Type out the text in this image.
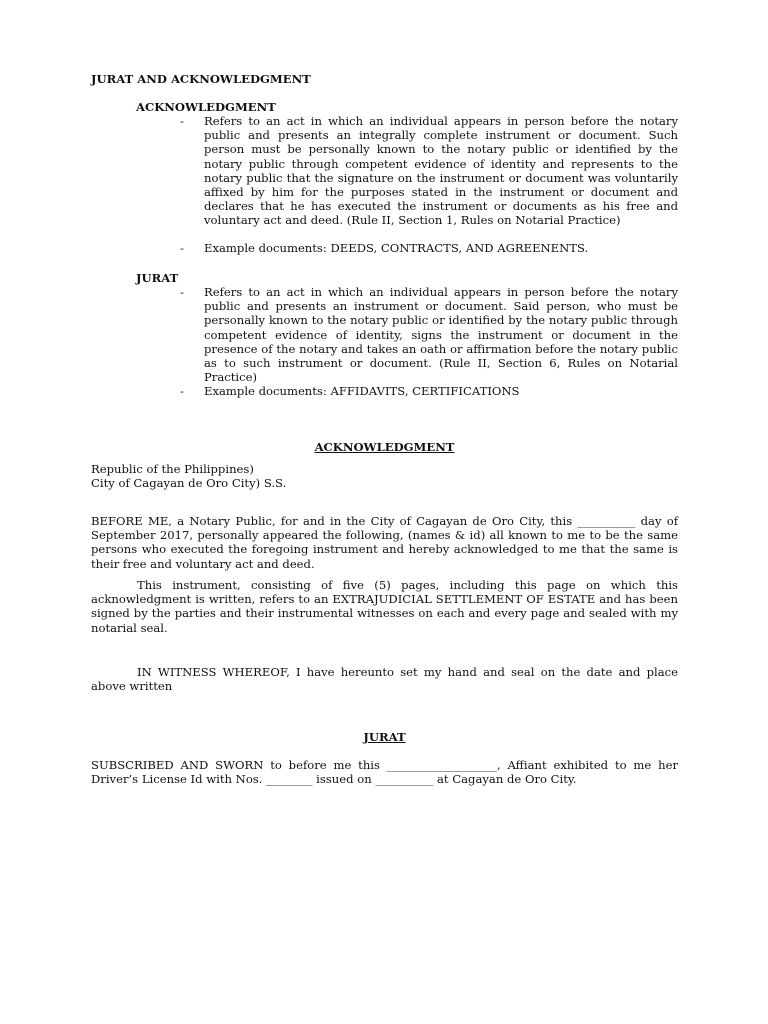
JURAT AND ACKNOWLEDGMENT
ACKNOWLEDGMENT
-	Refers to an act in which an individual appears in person before the notary public and presents an integrally complete instrument or document. Such person must be personally known to the notary public or identified by the notary public through competent evidence of identity and represents to the notary public that the signature on the instrument or document was voluntarily affixed by him for the purposes stated in the instrument or document and declares that he has executed the instrument or documents as his free and voluntary act and deed. (Rule II, Section 1, Rules on Notarial Practice)
-	Example documents: DEEDS, CONTRACTS, AND AGREENENTS.
JURAT
-	Refers to an act in which an individual appears in person before the notary public and presents an instrument or document. Said person, who must be personally known to the notary public or identified by the notary public through competent evidence of identity, signs the instrument or document in the presence of the notary and takes an oath or affirmation before the notary public as to such instrument or document. (Rule II, Section 6, Rules on Notarial Practice)
-	Example documents: AFFIDAVITS, CERTIFICATIONS
ACKNOWLEDGMENT
Republic of the Philippines)
City of Cagayan de Oro City) S.S.

BEFORE ME, a Notary Public, for and in the City of Cagayan de Oro City, this __________ day of September 2017, personally appeared the following, (names & id) all known to me to be the same persons who executed the foregoing instrument and hereby acknowledged to me that the same is their free and voluntary act and deed.

This instrument, consisting of five (5) pages, including this page on which this acknowledgment is written, refers to an EXTRAJUDICIAL SETTLEMENT OF ESTATE and has been signed by the parties and their instrumental witnesses on each and every page and sealed with my notarial seal.

IN WITNESS WHEREOF, I have hereunto set my hand and seal on the date and place above written

JURAT

SUBSCRIBED AND SWORN to before me this ___________________, Affiant exhibited to me her Driver’s License Id with Nos. ________ issued on __________ at Cagayan de Oro City.
